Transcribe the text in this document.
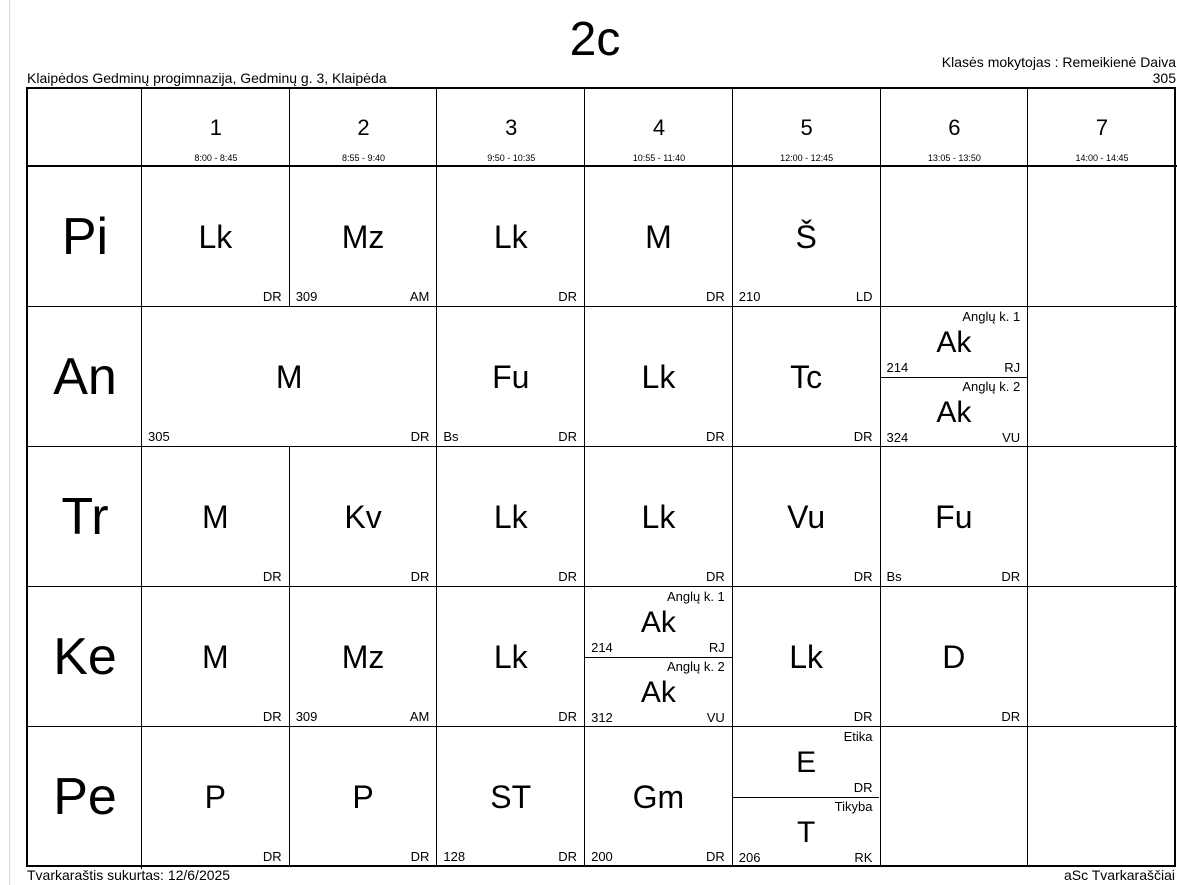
2c
Klaipėdos Gedminų progimnazija, Gedminų g. 3, Klaipėda
Klasės mokytojas : Remeikienė Daiva
305
1
8:00 - 8:45
2
8:55 - 9:40
3
9:50 - 10:35
4
10:55 - 11:40
5
12:00 - 12:45
6
13:05 - 13:50
7
14:00 - 14:45
Pi
An
Tr
Ke
Pe
Lk
DR
Mz
AM
309
Lk
DR
M
DR
Š
LD
210
M
DR
305
Fu
DR
Bs
Lk
DR
Tc
DR
Ak
RJ
214
Anglų k. 1
Ak
VU
324
Anglų k. 2
M
DR
Kv
DR
Lk
DR
Lk
DR
Vu
DR
Fu
DR
Bs
M
DR
Mz
AM
309
Lk
DR
Ak
RJ
214
Anglų k. 1
Ak
VU
312
Anglų k. 2	Lk
DR
D
DR
P
DR
P
DR
ST
DR
128
Gm
DR
200
E
DR
Etika
T
RK
206
Tikyba
Tvarkaraštis sukurtas: 12/6/2025	aSc Tvarkaraščiai
